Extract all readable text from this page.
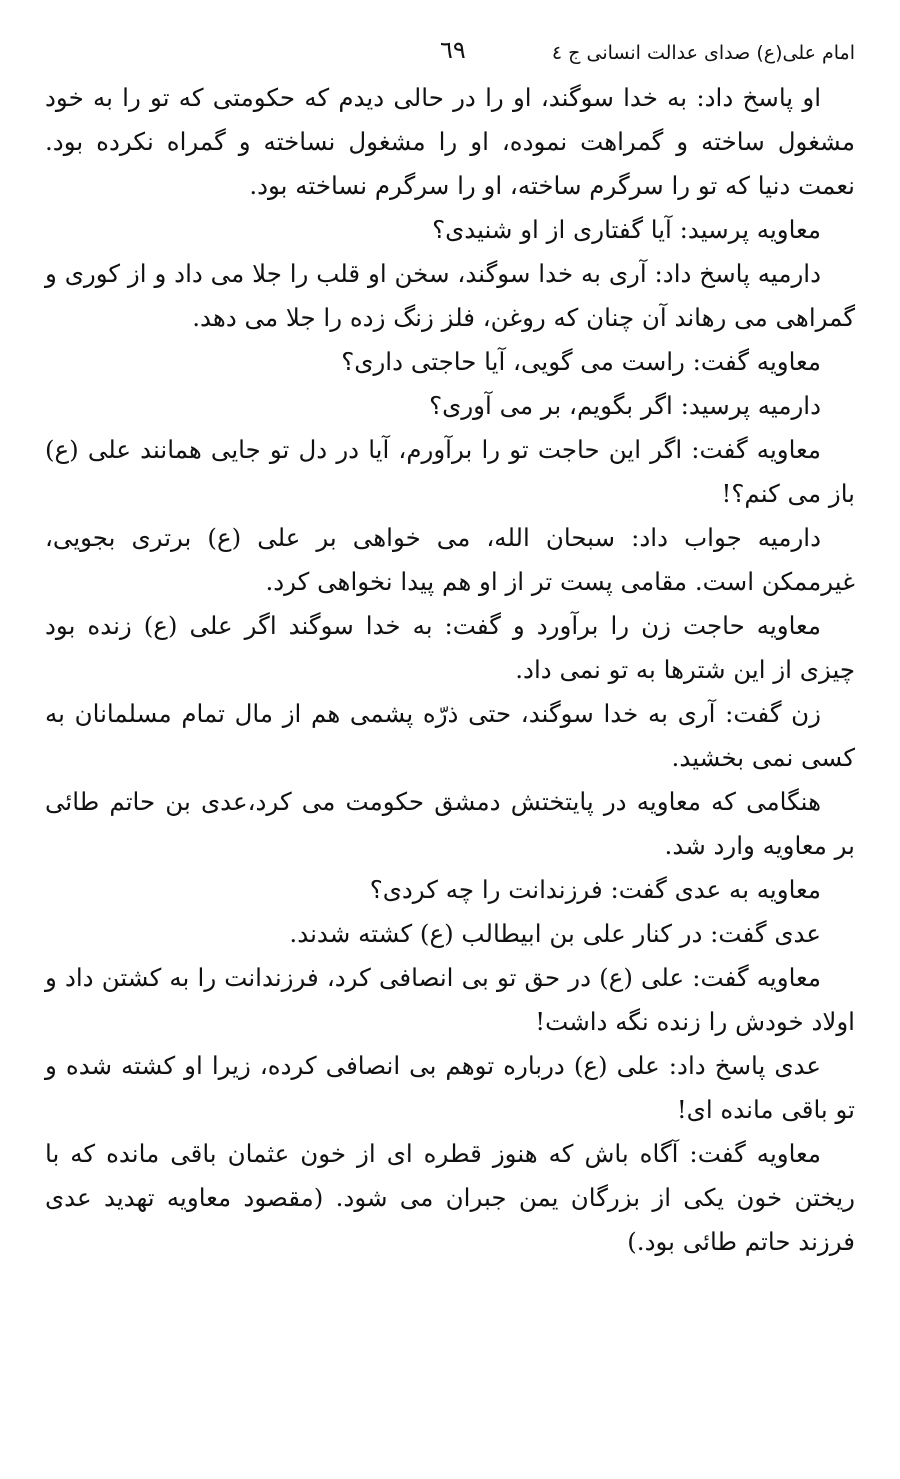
امام علی(ع) صدای عدالت انسانی ج ٤
٦٩

او پاسخ داد: به خدا سوگند، او را در حالی دیدم که حکومتی که تو را به خود مشغول ساخته و گمراهت نموده، او را مشغول نساخته و گمراه نکرده بود. نعمت دنیا که تو را سرگرم ساخته، او را سرگرم نساخته بود.

معاویه پرسید: آیا گفتاری از او شنیدی؟

دارمیه پاسخ داد: آری به خدا سوگند، سخن او قلب را جلا می داد و از کوری و گمراهی می رهاند آن چنان که روغن، فلز زنگ زده را جلا می دهد.

معاویه گفت: راست می گویی، آیا حاجتی داری؟

دارمیه پرسید: اگر بگویم، بر می آوری؟

معاویه گفت: اگر این حاجت تو را برآورم، آیا در دل تو جایی همانند علی (ع) باز می کنم؟!

دارمیه جواب داد: سبحان الله، می خواهی بر علی (ع) برتری بجویی، غیرممکن است. مقامی پست تر از او هم پیدا نخواهی کرد.

معاویه حاجت زن را برآورد و گفت: به خدا سوگند اگر علی (ع) زنده بود چیزی از این شترها به تو نمی داد.

زن گفت: آری به خدا سوگند، حتی ذرّه پشمی هم از مال تمام مسلمانان به کسی نمی بخشید.

هنگامی که معاویه در پایتختش دمشق حکومت می کرد،عدی بن حاتم طائی بر معاویه وارد شد.

معاویه به عدی گفت: فرزندانت را چه کردی؟

عدی گفت: در کنار علی بن ابیطالب (ع) کشته شدند.

معاویه گفت: علی (ع) در حق تو بی انصافی کرد، فرزندانت را به کشتن داد و اولاد خودش را زنده نگه داشت!

عدی پاسخ داد: علی (ع) درباره توهم بی انصافی کرده، زیرا او کشته شده و تو باقی مانده ای!

معاویه گفت: آگاه باش که هنوز قطره ای از خون عثمان باقی مانده که با ریختن خون یکی از بزرگان یمن جبران می شود. (مقصود معاویه تهدید عدی فرزند حاتم طائی بود.)
